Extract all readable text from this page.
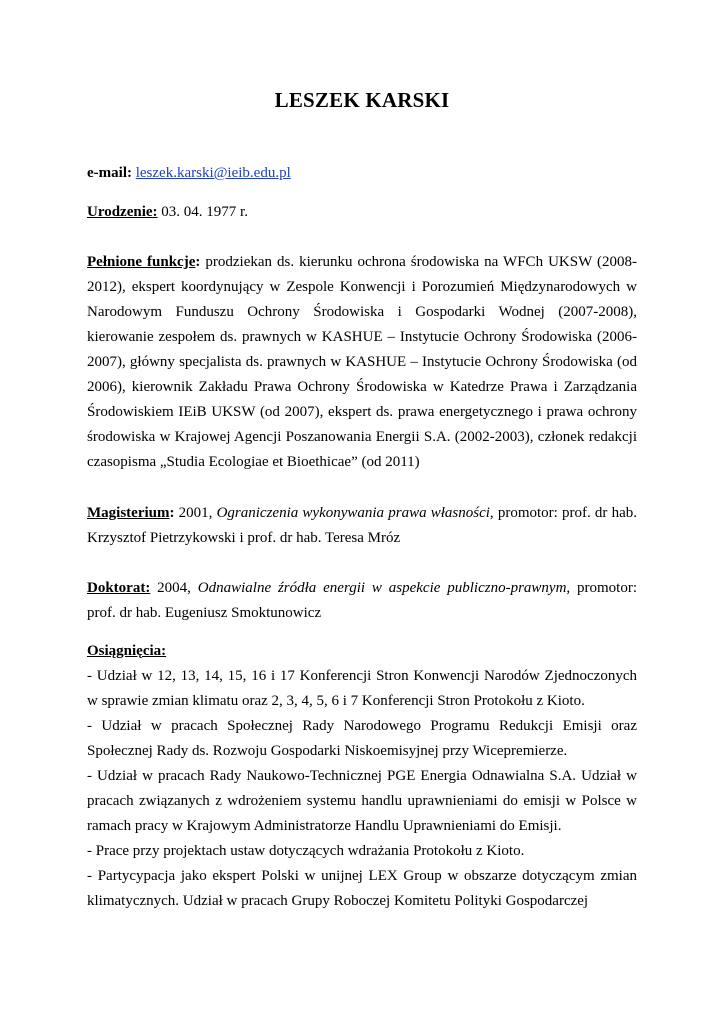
LESZEK KARSKI
e-mail: leszek.karski@ieib.edu.pl
Urodzenie: 03. 04. 1977 r.
Pełnione funkcje: prodziekan ds. kierunku ochrona środowiska na WFCh UKSW (2008-2012), ekspert koordynujący w Zespole Konwencji i Porozumień Międzynarodowych w Narodowym Funduszu Ochrony Środowiska i Gospodarki Wodnej (2007-2008), kierowanie zespołem ds. prawnych w KASHUE – Instytucie Ochrony Środowiska (2006-2007), główny specjalista ds. prawnych w KASHUE – Instytucie Ochrony Środowiska (od 2006), kierownik Zakładu Prawa Ochrony Środowiska w Katedrze Prawa i Zarządzania Środowiskiem IEiB UKSW (od 2007), ekspert ds. prawa energetycznego i prawa ochrony środowiska w Krajowej Agencji Poszanowania Energii S.A. (2002-2003), członek redakcji czasopisma „Studia Ecologiae et Bioethicae” (od 2011)
Magisterium: 2001, Ograniczenia wykonywania prawa własności, promotor: prof. dr hab. Krzysztof Pietrzykowski i prof. dr hab. Teresa Mróz
Doktorat: 2004, Odnawialne źródła energii w aspekcie publiczno-prawnym, promotor: prof. dr hab. Eugeniusz Smoktunowicz

Osiągnięcia:

- Udział w 12, 13, 14, 15, 16 i 17 Konferencji Stron Konwencji Narodów Zjednoczonych w sprawie zmian klimatu oraz 2, 3, 4, 5, 6 i 7 Konferencji Stron Protokołu z Kioto.

- Udział w pracach Społecznej Rady Narodowego Programu Redukcji Emisji oraz Społecznej Rady ds. Rozwoju Gospodarki Niskoemisyjnej przy Wicepremierze.

- Udział w pracach Rady Naukowo-Technicznej PGE Energia Odnawialna S.A. Udział w pracach związanych z wdrożeniem systemu handlu uprawnieniami do emisji w Polsce w ramach pracy w Krajowym Administratorze Handlu Uprawnieniami do Emisji.

- Prace przy projektach ustaw dotyczących wdrażania Protokołu z Kioto.

- Partycypacja jako ekspert Polski w unijnej LEX Group w obszarze dotyczącym zmian klimatycznych. Udział w pracach Grupy Roboczej Komitetu Polityki Gospodarczej
